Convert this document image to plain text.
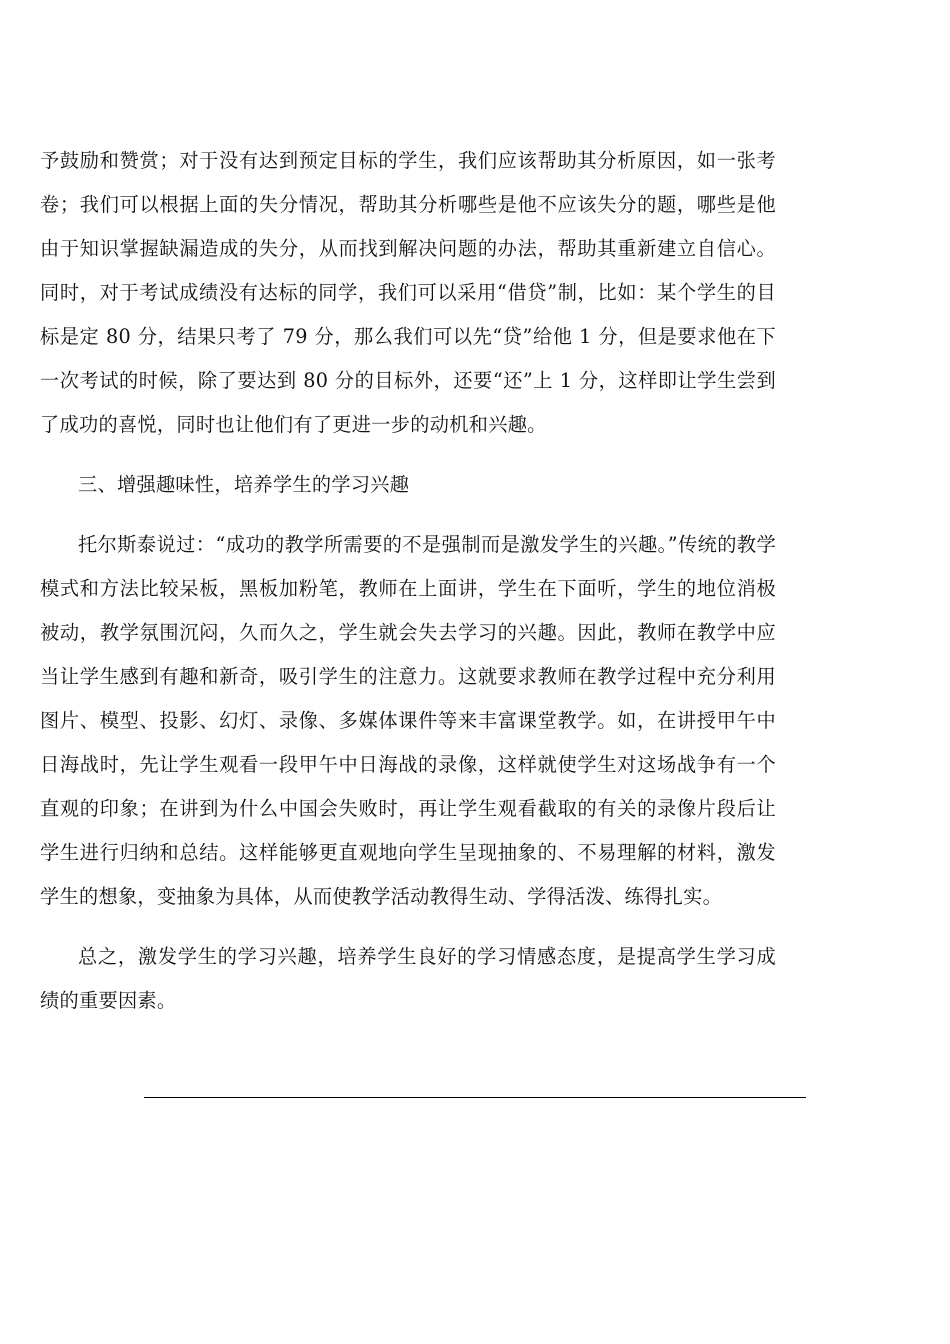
予鼓励和赞赏；对于没有达到预定目标的学生，我们应该帮助其分析原因，如一张考卷；我们可以根据上面的失分情况，帮助其分析哪些是他不应该失分的题，哪些是他由于知识掌握缺漏造成的失分，从而找到解决问题的办法，帮助其重新建立自信心。同时，对于考试成绩没有达标的同学，我们可以采用“借贷”制，比如：某个学生的目标是定 80 分，结果只考了 79 分，那么我们可以先“贷”给他 1 分，但是要求他在下一次考试的时候，除了要达到 80 分的目标外，还要“还”上 1 分，这样即让学生尝到了成功的喜悦，同时也让他们有了更进一步的动机和兴趣。

三、增强趣味性，培养学生的学习兴趣

托尔斯泰说过：“成功的教学所需要的不是强制而是激发学生的兴趣。”传统的教学模式和方法比较呆板，黑板加粉笔，教师在上面讲，学生在下面听，学生的地位消极被动，教学氛围沉闷，久而久之，学生就会失去学习的兴趣。因此，教师在教学中应当让学生感到有趣和新奇，吸引学生的注意力。这就要求教师在教学过程中充分利用图片、模型、投影、幻灯、录像、多媒体课件等来丰富课堂教学。如，在讲授甲午中日海战时，先让学生观看一段甲午中日海战的录像，这样就使学生对这场战争有一个直观的印象；在讲到为什么中国会失败时，再让学生观看截取的有关的录像片段后让学生进行归纳和总结。这样能够更直观地向学生呈现抽象的、不易理解的材料，激发学生的想象，变抽象为具体，从而使教学活动教得生动、学得活泼、练得扎实。

总之，激发学生的学习兴趣，培养学生良好的学习情感态度，是提高学生学习成绩的重要因素。
